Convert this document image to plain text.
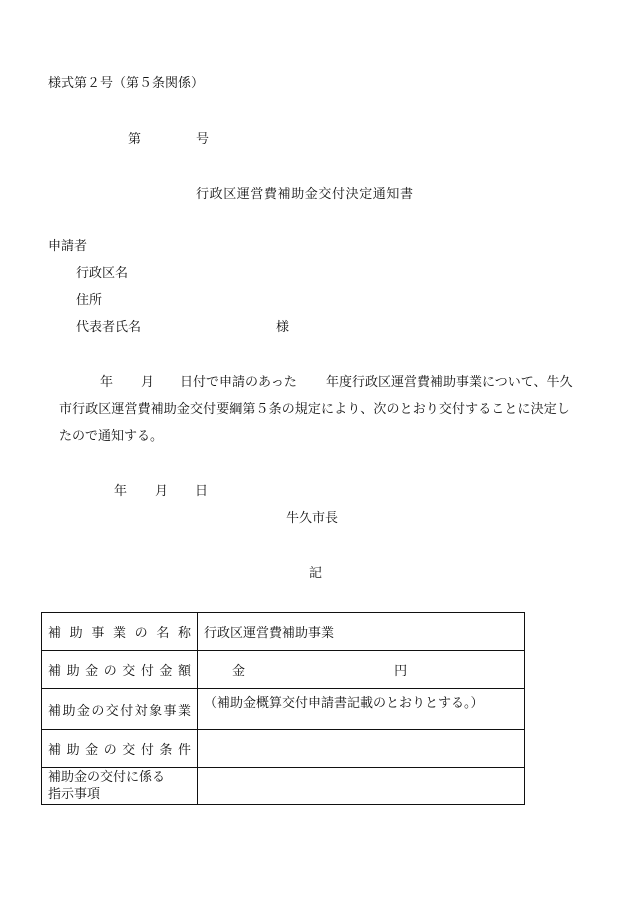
様式第２号（第５条関係）
第	号
行政区運営費補助金交付決定通知書
申請者
行政区名
住所
代表者氏名	様
年 月 日付で申請のあった 年度行政区運営費補助事業について、牛久
市行政区運営費補助金交付要綱第５条の規定により、次のとおり交付することに決定し
たので通知する。
年 月 日
牛久市長
記
補助事業の名称	行政区運営費補助事業

補助金の交付金額	金 円

補助金の交付対象事業	（補助金概算交付申請書記載のとおりとする。）

補助金の交付条件	

補助金の交付に係る
指示事項	
